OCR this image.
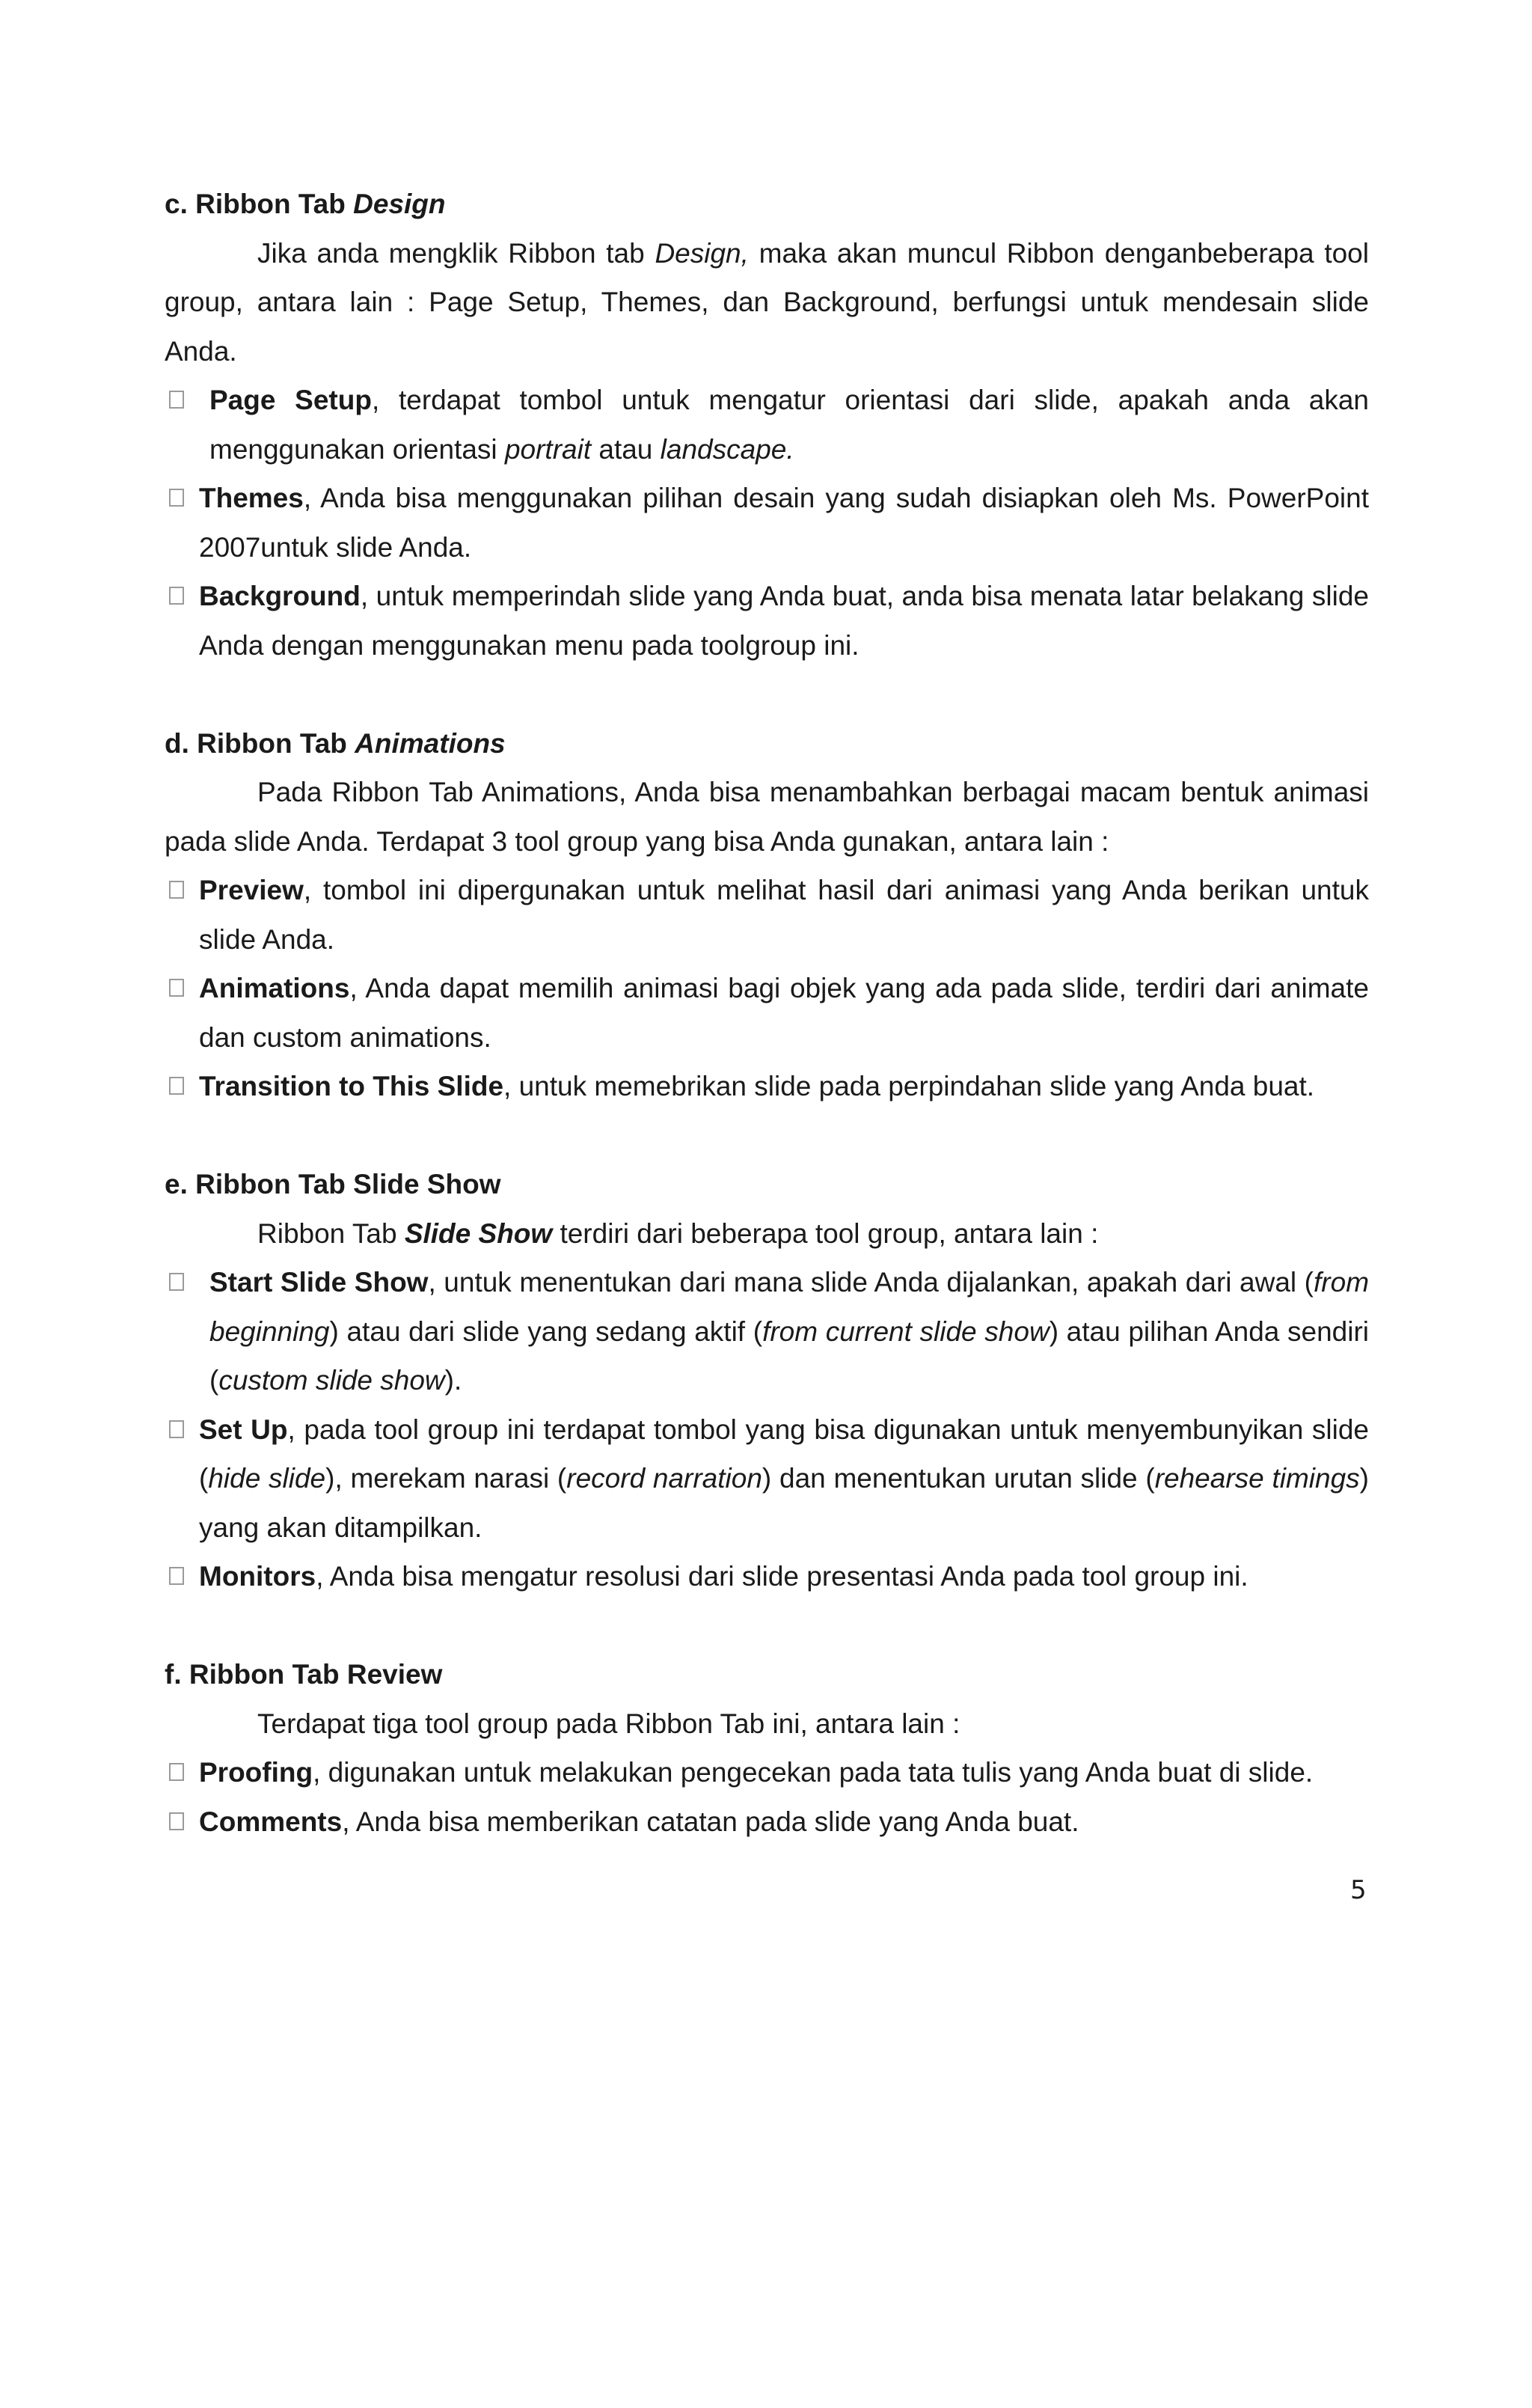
c. Ribbon Tab Design
Jika anda mengklik Ribbon tab Design, maka akan muncul Ribbon denganbeberapa tool group, antara lain : Page Setup, Themes, dan Background, berfungsi untuk mendesain slide Anda.
Page Setup, terdapat tombol untuk mengatur orientasi dari slide, apakah anda akan menggunakan orientasi portrait atau landscape.
Themes, Anda bisa menggunakan pilihan desain yang sudah disiapkan oleh Ms. PowerPoint 2007untuk slide Anda.
Background, untuk memperindah slide yang Anda buat, anda bisa menata latar belakang slide Anda dengan menggunakan menu pada toolgroup ini.
d. Ribbon Tab Animations
Pada Ribbon Tab Animations, Anda bisa menambahkan berbagai macam bentuk animasi pada slide Anda. Terdapat 3 tool group yang bisa Anda gunakan, antara lain :
Preview, tombol ini dipergunakan untuk melihat hasil dari animasi yang Anda berikan untuk slide Anda.
Animations, Anda dapat memilih animasi bagi objek yang ada pada slide, terdiri dari animate dan custom animations.
Transition to This Slide, untuk memebrikan slide pada perpindahan slide yang Anda buat.
e. Ribbon Tab Slide Show
Ribbon Tab Slide Show terdiri dari beberapa tool group, antara lain :
Start Slide Show, untuk menentukan dari mana slide Anda dijalankan, apakah dari awal (from beginning) atau dari slide yang sedang aktif (from current slide show) atau pilihan Anda sendiri (custom slide show).
Set Up, pada tool group ini terdapat tombol yang bisa digunakan untuk menyembunyikan slide (hide slide), merekam narasi (record narration) dan menentukan urutan slide (rehearse timings) yang akan ditampilkan.
Monitors, Anda bisa mengatur resolusi dari slide presentasi Anda pada tool group ini.
f. Ribbon Tab Review
Terdapat tiga tool group pada Ribbon Tab ini, antara lain :
Proofing, digunakan untuk melakukan pengecekan pada tata tulis yang Anda buat di slide.
Comments, Anda bisa memberikan catatan pada slide yang Anda buat.
5
